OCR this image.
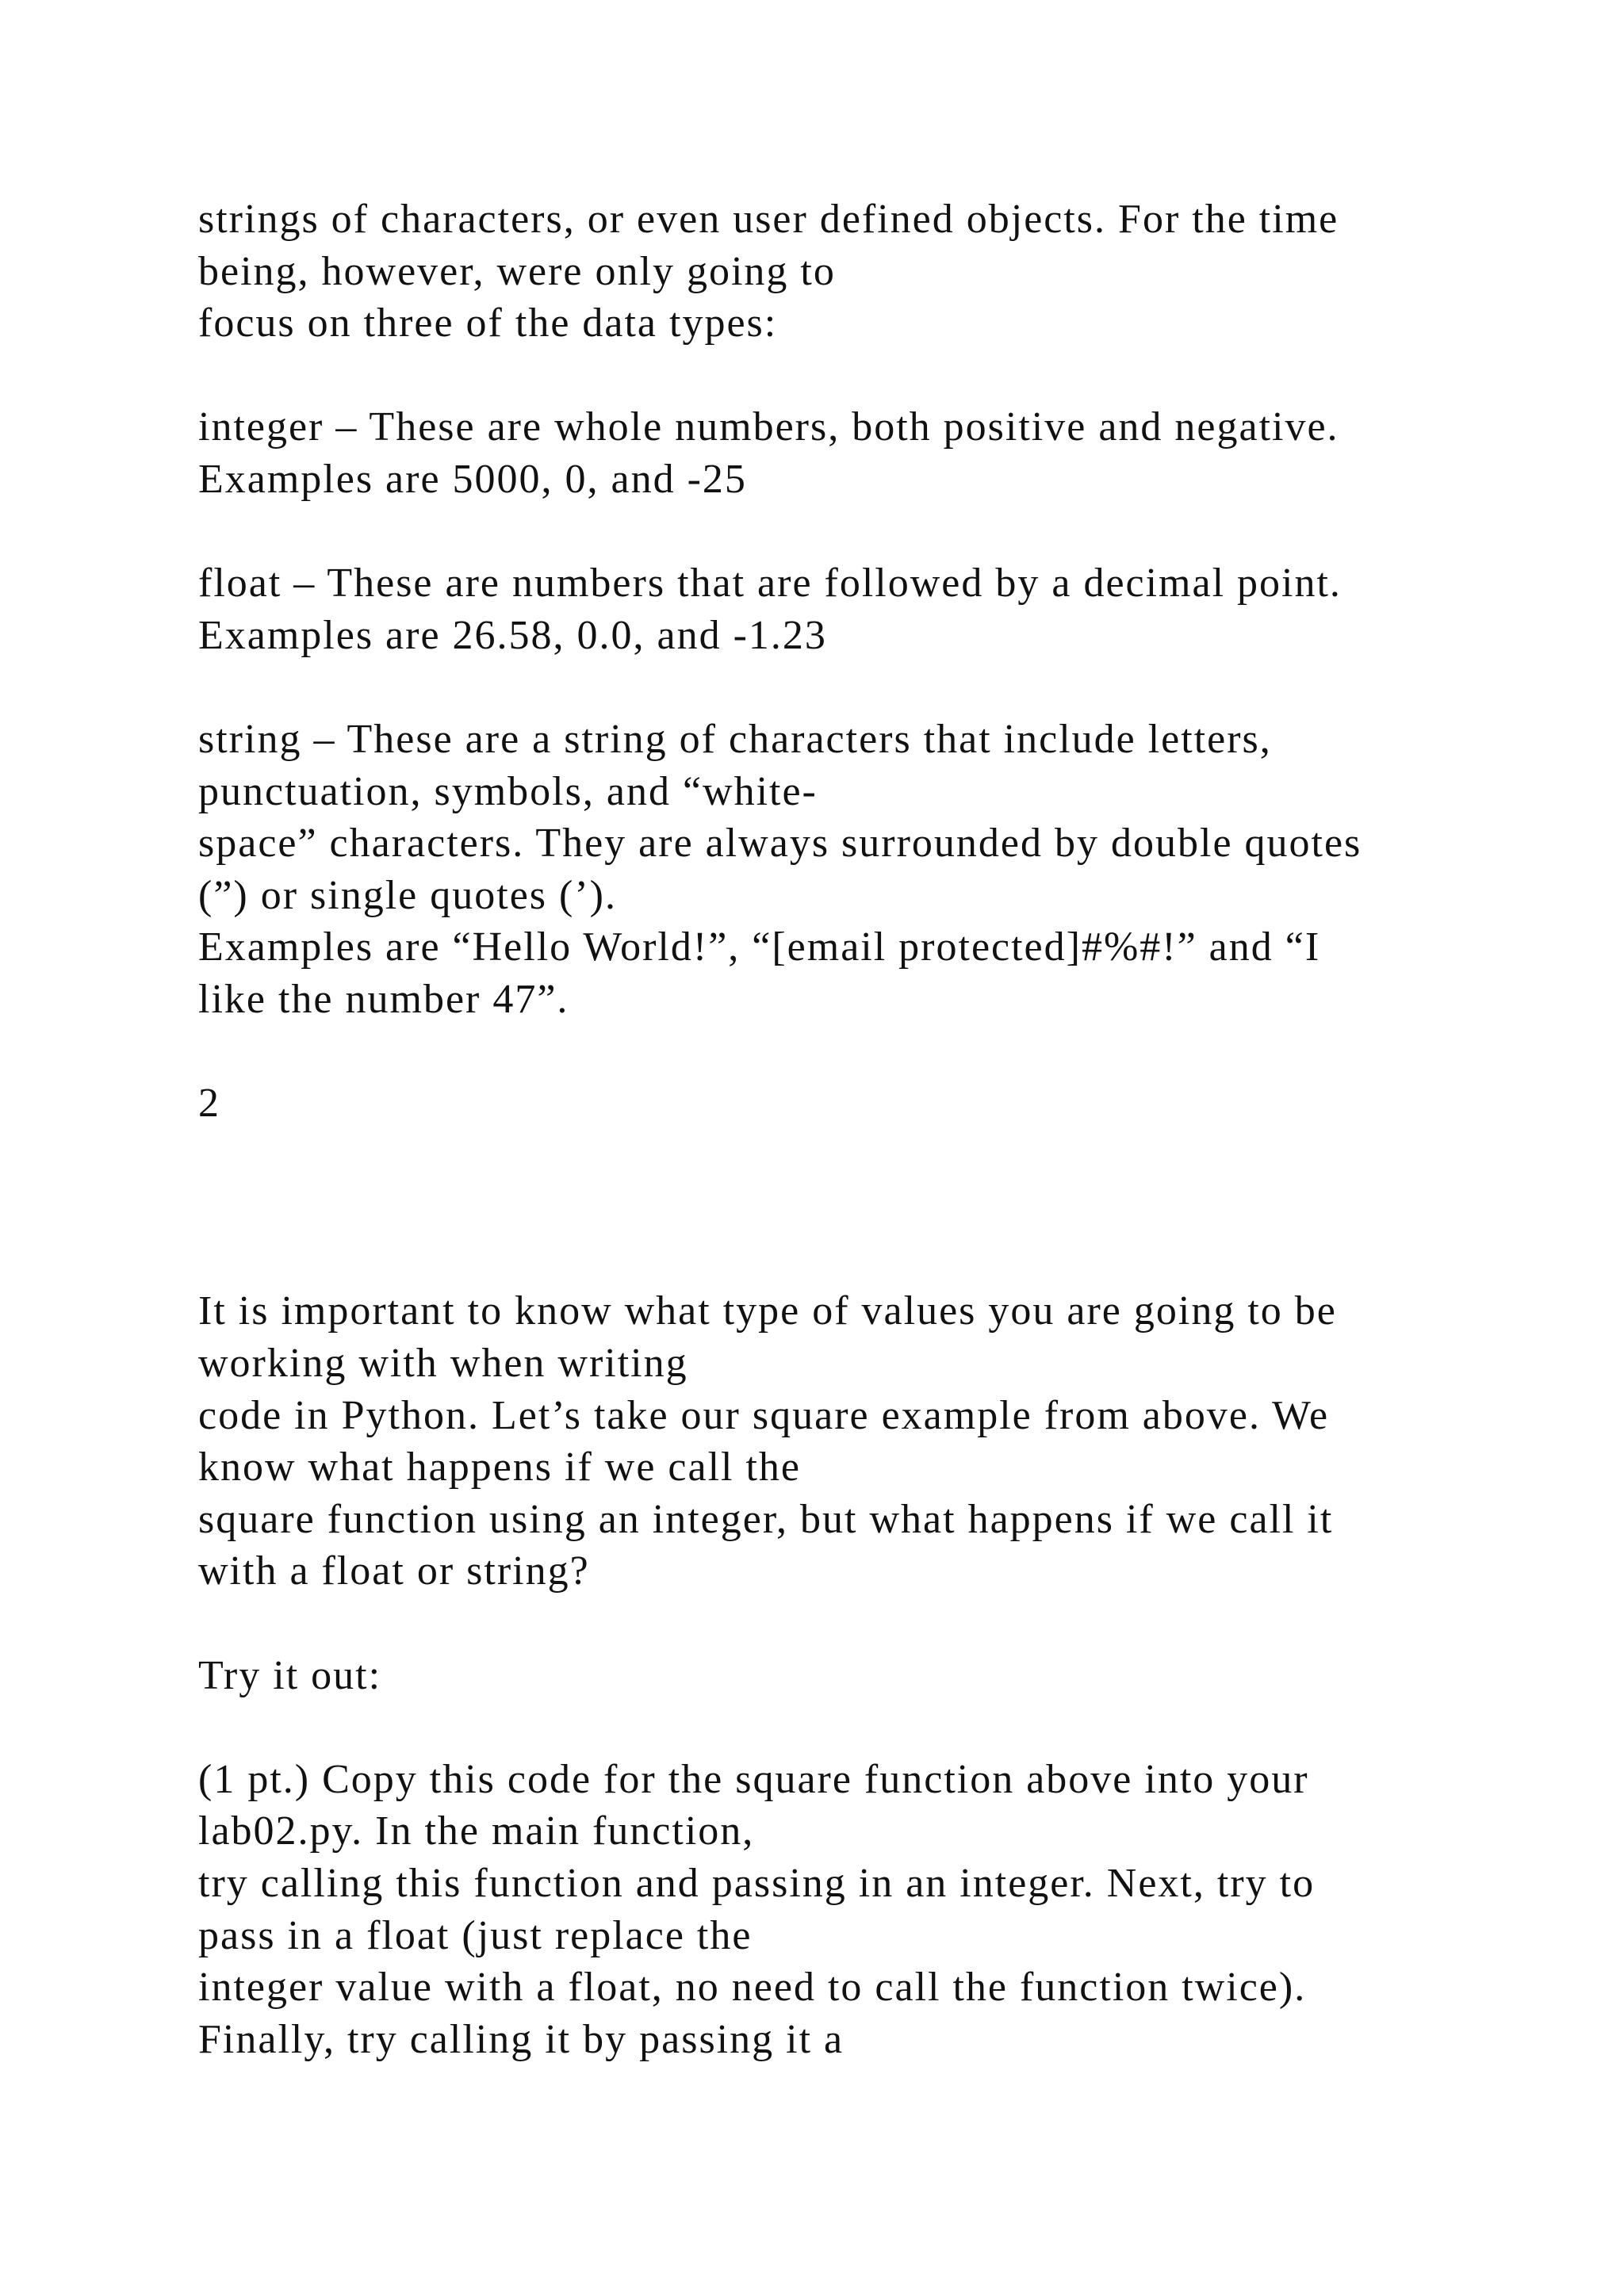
strings of characters, or even user defined objects. For the time
being, however, were only going to
focus on three of the data types:
integer – These are whole numbers, both positive and negative.
Examples are 5000, 0, and -25
float – These are numbers that are followed by a decimal point.
Examples are 26.58, 0.0, and -1.23
string – These are a string of characters that include letters,
punctuation, symbols, and “white-
space” characters. They are always surrounded by double quotes
(”) or single quotes (’).
Examples are “Hello World!”, “[email protected]#%#!” and “I
like the number 47”.
2
It is important to know what type of values you are going to be
working with when writing
code in Python. Let’s take our square example from above. We
know what happens if we call the
square function using an integer, but what happens if we call it
with a float or string?
Try it out:
(1 pt.) Copy this code for the square function above into your
lab02.py. In the main function,
try calling this function and passing in an integer. Next, try to
pass in a float (just replace the
integer value with a float, no need to call the function twice).
Finally, try calling it by passing it a
